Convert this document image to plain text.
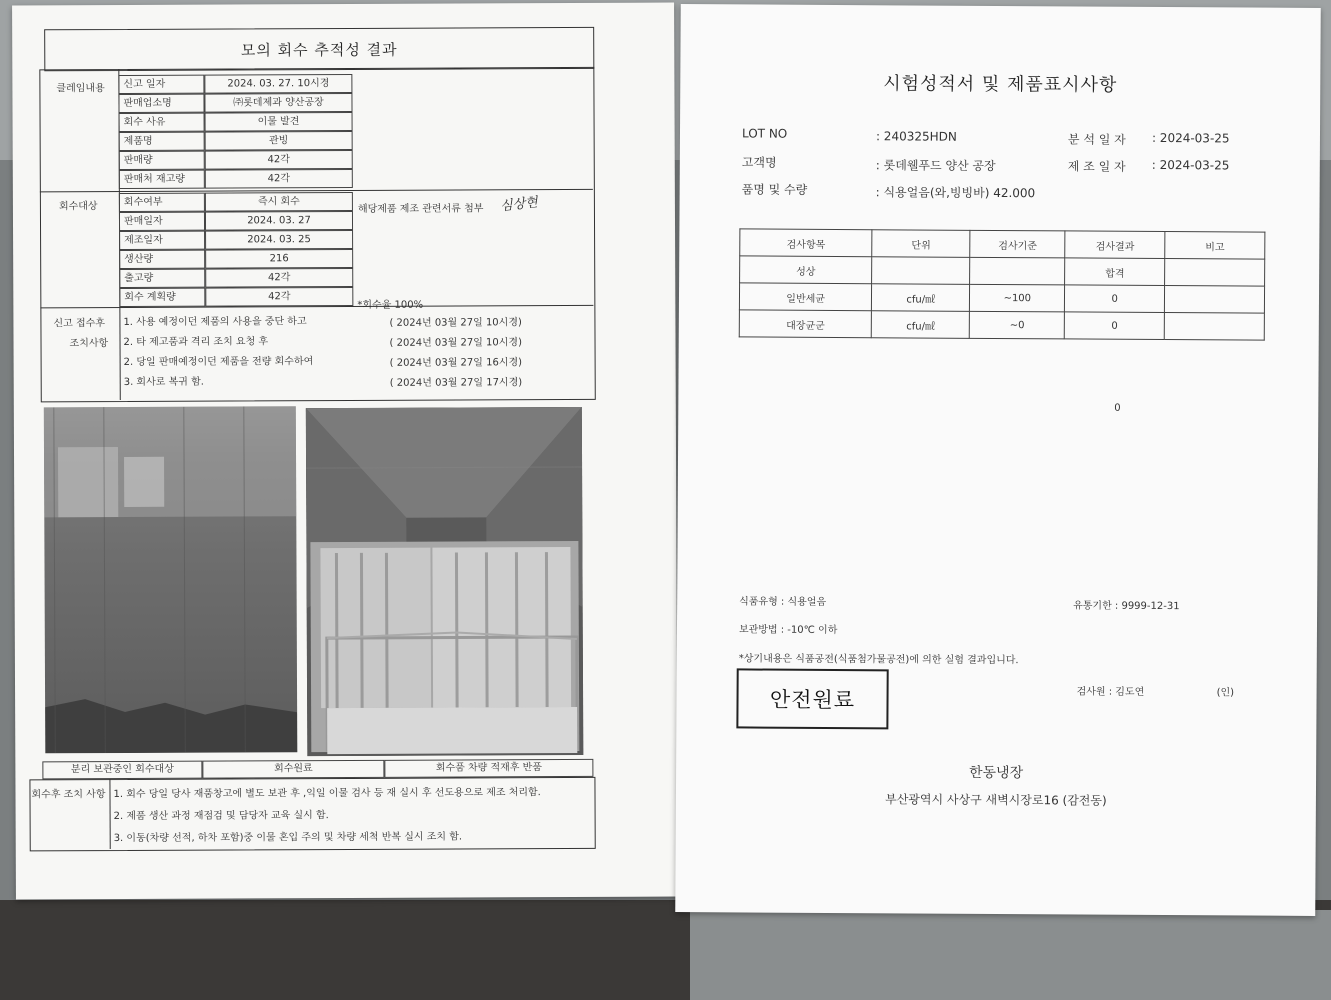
모의 회수 추적성 결과
클레임내용	신고 일자	2024. 03. 27. 10시경
판매업소명	㈜롯데제과 양산공장
회수 사유	이물 발견
제품명	관빙
판매량	42각
판매처 재고량	42각
회수대상	회수여부	즉시 회수
판매일자	2024. 03. 27
제조일자	2024. 03. 25
생산량	216
출고량	42각
회수 계획량	42각
해당제품 제조 관련서류 첨부 심상현
*회수율 100%
신고 접수후
조치사항
1. 사용 예정이던 제품의 사용을 중단 하고	( 2024년 03월 27일 10시경)
2. 타 제고품과 격리 조치 요청 후	( 2024년 03월 27일 10시경)
2. 당일 판매예정이던 제품을 전량 회수하여	( 2024년 03월 27일 16시경)
3. 회사로 복귀 함.	( 2024년 03월 27일 17시경)
분리 보관중인 회수대상	회수원료	회수품 차량 적재후 반품
회수후 조치 사항 1. 회수 당일 당사 재품창고에 별도 보관 후 ,익일 이물 검사 등 재 실시 후 선도용으로 제조 처리함.
2. 제품 생산 과정 재점검 및 담당자 교육 실시 함.
3. 이동(차량 선적, 하차 포함)중 이물 혼입 주의 및 차량 세척 반복 실시 조치 함.
시험성적서 및 제품표시사항
LOT NO	: 240325HDN	분 석 일 자 : 2024-03-25
고객명	: 롯데웰푸드 양산 공장	제 조 일 자 : 2024-03-25
품명 및 수량	: 식용얼음(와,빙빙바) 42.000
검사항목	단위	검사기준	검사결과	비고
성상			합격	
일반세균	cfu/㎖	~100	0	
대장균군	cfu/㎖	~0	0	
0
식품유형 : 식용얼음	유통기한 : 9999-12-31
보관방법 : -10℃ 이하
*상기내용은 식품공전(식품첨가물공전)에 의한 실험 결과입니다.
안전원료	검사원 : 김도연	(인)
한동냉장
부산광역시 사상구 새벽시장로16 (감전동)
